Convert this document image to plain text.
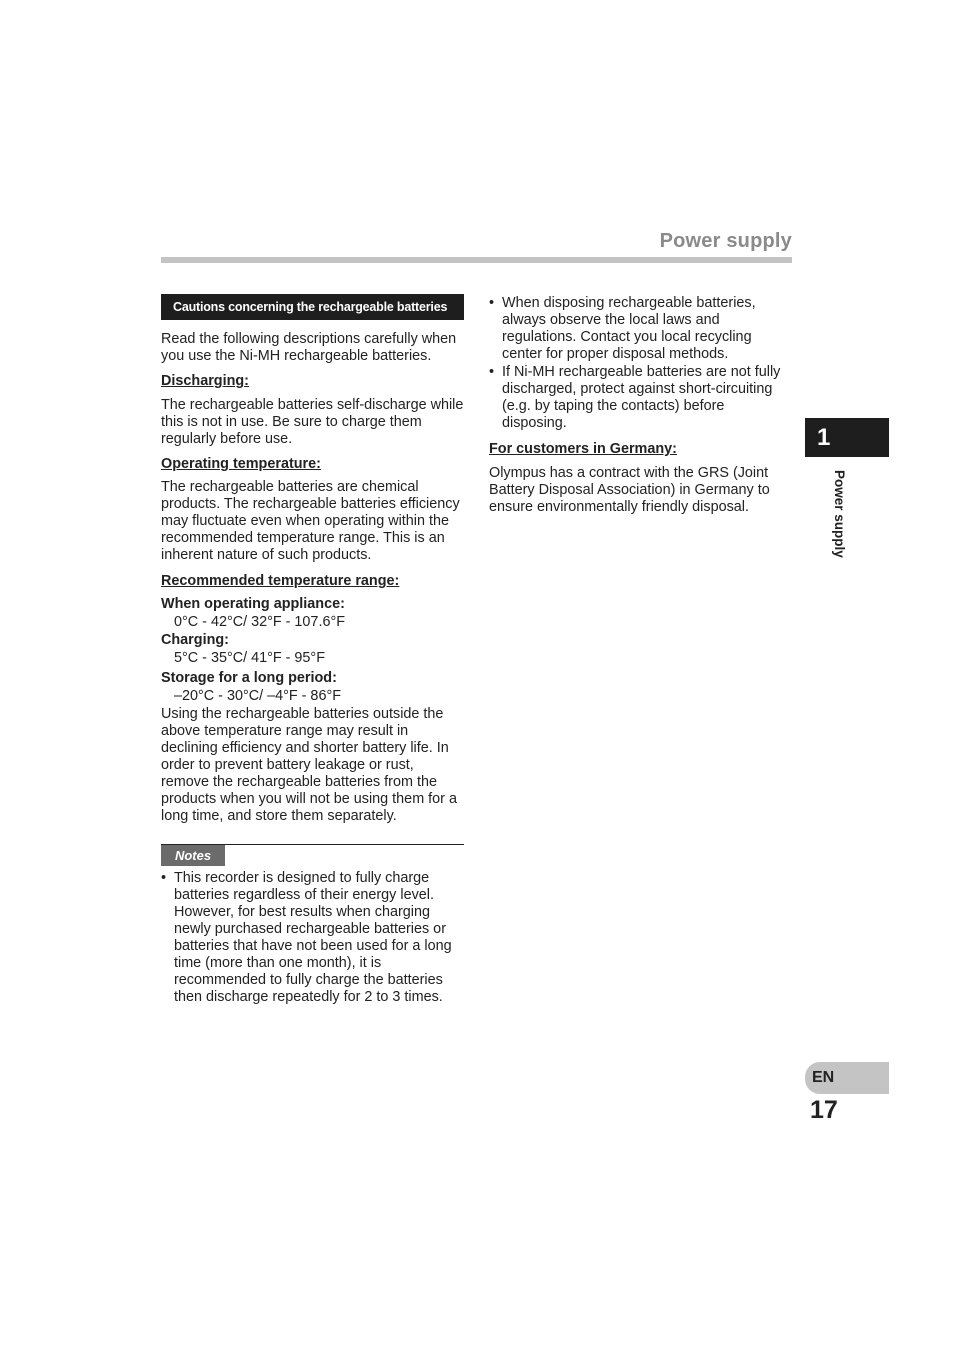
Power supply
Cautions concerning the rechargeable batteries

Read the following descriptions carefully when you use the Ni-MH rechargeable batteries.

Discharging:

The rechargeable batteries self-discharge while this is not in use. Be sure to charge them regularly before use.

Operating temperature:

The rechargeable batteries are chemical products. The rechargeable batteries efficiency may fluctuate even when operating within the recommended temperature range. This is an inherent nature of such products.

Recommended temperature range:
When operating appliance:
0°C - 42°C/ 32°F - 107.6°F
Charging:
5°C - 35°C/ 41°F - 95°F
Storage for a long period:
–20°C - 30°C/ –4°F - 86°F

Using the rechargeable batteries outside the above temperature range may result in declining efficiency and shorter battery life. In order to prevent battery leakage or rust, remove the rechargeable batteries from the products when you will not be using them for a long time, and store them separately.

Notes
• This recorder is designed to fully charge batteries regardless of their energy level. However, for best results when charging newly purchased rechargeable batteries or batteries that have not been used for a long time (more than one month), it is recommended to fully charge the batteries then discharge repeatedly for 2 to 3 times.
• When disposing rechargeable batteries, always observe the local laws and regulations. Contact you local recycling center for proper disposal methods.
• If Ni-MH rechargeable batteries are not fully discharged, protect against short-circuiting (e.g. by taping the contacts) before disposing.
For customers in Germany:

Olympus has a contract with the GRS (Joint Battery Disposal Association) in Germany to ensure environmentally friendly disposal.

1
Power supply
EN
17
